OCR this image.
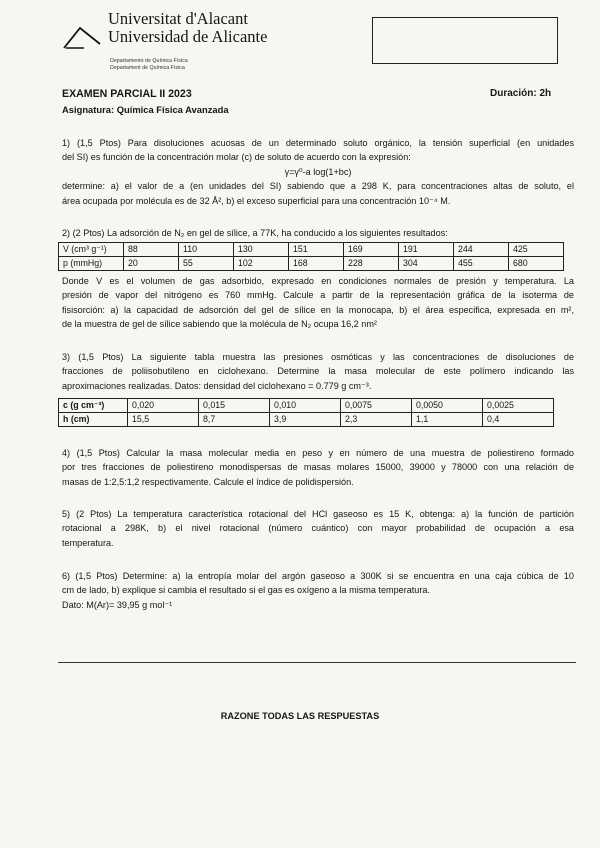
Universitat d'Alacant
Universidad de Alicante
Departamento de Química Física
Departament de Química Física
EXAMEN PARCIAL II 2023	Duración: 2h
Asignatura: Química Física Avanzada
1) (1,5 Ptos) Para disoluciones acuosas de un determinado soluto orgánico, la tensión superficial (en unidades
del SI) es función de la concentración molar (c) de soluto de acuerdo con la expresión:
γ=γ⁰-a log(1+bc)
determine: a) el valor de a (en unidades del SI) sabiendo que a 298 K, para concentraciones altas de soluto, el
área ocupada por molécula es de 32 Å², b) el exceso superficial para una concentración 10⁻⁴ M.
2) (2 Ptos) La adsorción de N₂ en gel de sílice, a 77K, ha conducido a los siguientes resultados:
V (cm³ g⁻¹)	88	110	130	151	169	191	244	425
p (mmHg)	20	55	102	168	228	304	455	680
Donde V es el volumen de gas adsorbido, expresado en condiciones normales de presión y temperatura. La
presión de vapor del nitrógeno es 760 mmHg. Calcule a partir de la representación gráfica de la isoterma de
fisisorción: a) la capacidad de adsorción del gel de sílice en la monocapa, b) el área especifica, expresada en m²,
de la muestra de gel de sílice sabiendo que la molécula de N₂ ocupa 16,2 nm²
3) (1,5 Ptos) La siguiente tabla muestra las presiones osmóticas y las concentraciones de disoluciones de
fracciones de poliisobutileno en ciclohexano. Determine la masa molecular de este polímero indicando las
aproximaciones realizadas. Datos: densidad del ciclohexano = 0.779 g cm⁻³.
c (g cm⁻³)	0,020	0,015	0,010	0,0075	0,0050	0,0025
h (cm)	15,5	8,7	3,9	2,3	1,1	0,4
4) (1,5 Ptos) Calcular la masa molecular media en peso y en número de una muestra de poliestireno formado
por tres fracciones de poliestireno monodispersas de masas molares 15000, 39000 y 78000 con una relación de
masas de 1:2,5:1,2 respectivamente. Calcule el índice de polidispersión.
5) (2 Ptos) La temperatura característica rotacional del HCl gaseoso es 15 K, obtenga: a) la función de partición
rotacional a 298K, b) el nivel rotacional (número cuántico) con mayor probabilidad de ocupación a esa
temperatura.
6) (1,5 Ptos) Determine: a) la entropía molar del argón gaseoso a 300K si se encuentra en una caja cúbica de 10
cm de lado, b) explique si cambia el resultado si el gas es oxígeno a la misma temperatura.
Dato: M(Ar)= 39,95 g mol⁻¹
RAZONE TODAS LAS RESPUESTAS
